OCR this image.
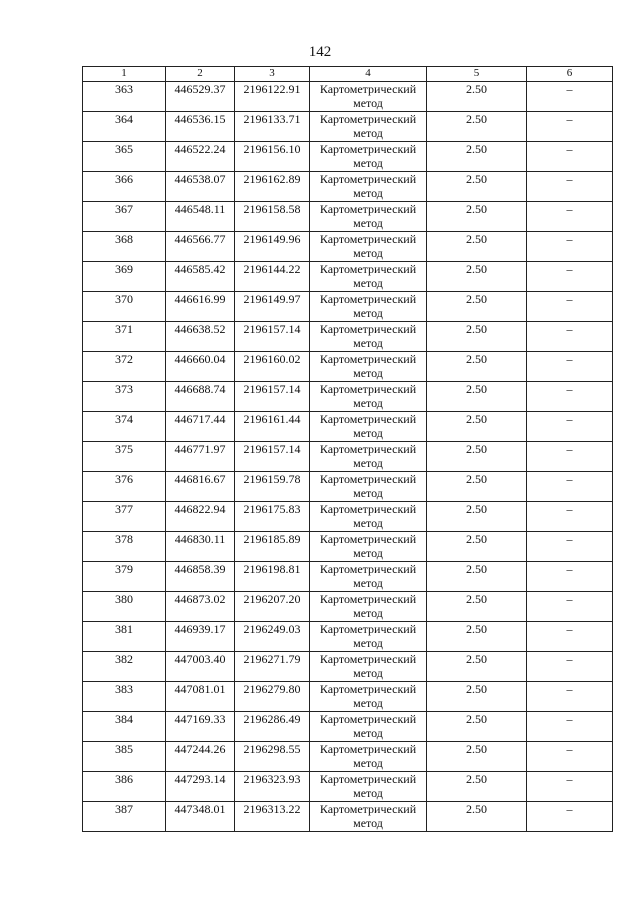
142
1	2	3	4	5	6
363	446529.37	2196122.91	Картометрический метод	2.50	–
364	446536.15	2196133.71	Картометрический метод	2.50	–
365	446522.24	2196156.10	Картометрический метод	2.50	–
366	446538.07	2196162.89	Картометрический метод	2.50	–
367	446548.11	2196158.58	Картометрический метод	2.50	–
368	446566.77	2196149.96	Картометрический метод	2.50	–
369	446585.42	2196144.22	Картометрический метод	2.50	–
370	446616.99	2196149.97	Картометрический метод	2.50	–
371	446638.52	2196157.14	Картометрический метод	2.50	–
372	446660.04	2196160.02	Картометрический метод	2.50	–
373	446688.74	2196157.14	Картометрический метод	2.50	–
374	446717.44	2196161.44	Картометрический метод	2.50	–
375	446771.97	2196157.14	Картометрический метод	2.50	–
376	446816.67	2196159.78	Картометрический метод	2.50	–
377	446822.94	2196175.83	Картометрический метод	2.50	–
378	446830.11	2196185.89	Картометрический метод	2.50	–
379	446858.39	2196198.81	Картометрический метод	2.50	–
380	446873.02	2196207.20	Картометрический метод	2.50	–
381	446939.17	2196249.03	Картометрический метод	2.50	–
382	447003.40	2196271.79	Картометрический метод	2.50	–
383	447081.01	2196279.80	Картометрический метод	2.50	–
384	447169.33	2196286.49	Картометрический метод	2.50	–
385	447244.26	2196298.55	Картометрический метод	2.50	–
386	447293.14	2196323.93	Картометрический метод	2.50	–
387	447348.01	2196313.22	Картометрический метод	2.50	–
